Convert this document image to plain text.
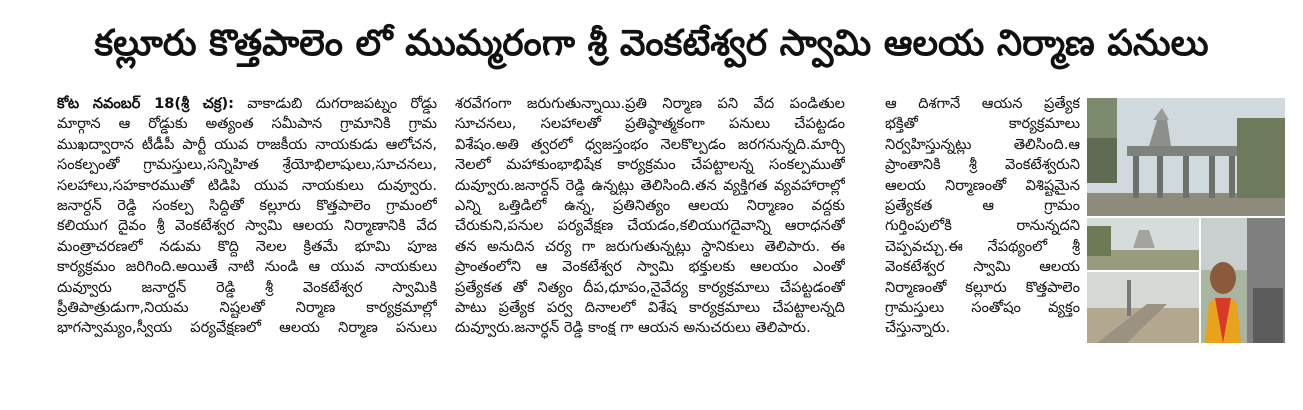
కల్లూరు కొత్తపాలెం లో ముమ్మరంగా శ్రీ వెంకటేశ్వర స్వామి ఆలయ నిర్మాణ పనులు
కోట నవంబర్ 18(శ్రీ చక్ర): వాకాడుబి దుగరాజపట్నం రోడ్డు
మార్గాన ఆ రోడ్డుకు అత్యంత సమీపాన గ్రామానికి గ్రామ
ముఖద్వారాన టీడీపీ పార్టీ యువ రాజకీయ నాయకుడు ఆలోచన,
సంకల్పంతో గ్రామస్తులు,సన్నిహిత శ్రేయోభిలాషులు,సూచనలు,
సలహాలు,సహకారముతో టిడిపి యువ నాయకులు దువ్వూరు.
జనార్ధన్ రెడ్డి సంకల్ప సిద్ధితో కల్లూరు కొత్తపాలెం గ్రామంలో
కలియుగ దైవం శ్రీ వెంకటేశ్వర స్వామి ఆలయ నిర్మాణానికి వేద
మంత్రాచరణలో నడుమ కొద్ది నెలల క్రితమే భూమి పూజ
కార్యక్రమం జరిగింది.అయితే నాటి నుండి ఆ యువ నాయకులు
దువ్వూరు జనార్ధన్ రెడ్డి శ్రీ వెంకటేశ్వర స్వామికి
ప్రీతిపాత్రుడుగా,నియమ నిష్టలతో నిర్మాణ కార్యక్రమాల్లో
భాగస్వామ్యం,స్వీయ పర్యవేక్షణలో ఆలయ నిర్మాణ పనులు
శరవేగంగా జరుగుతున్నాయి.ప్రతి నిర్మాణ పని వేద పండితుల
సూచనలు, సలహాలతో ప్రతిష్ఠాత్మకంగా పనులు చేపట్టడం
విశేషం.అతి త్వరలో ధ్వజస్తంభం నెలకొల్పడం జరగనున్నది.మార్చి
నెలలో మహాకుంభాభిషేక కార్యక్రమం చేపట్టాలన్న సంకల్పముతో
దువ్వూరు.జనార్ధన్ రెడ్డి ఉన్నట్లు తెలిసింది.తన వ్యక్తిగత వ్యవహారాల్లో
ఎన్ని ఒత్తిడిలో ఉన్న, ప్రతినిత్యం ఆలయ నిర్మాణం వద్దకు
చేరుకుని,పనుల పర్యవేక్షణ చేయడం,కలియుగదైవాన్ని ఆరాధనతో
తన అనుదిన చర్య గా జరుగుతున్నట్లు స్థానికులు తెలిపారు. ఈ
ప్రాంతంలోని ఆ వెంకటేశ్వర స్వామి భక్తులకు ఆలయం ఎంతో
ప్రత్యేకత తో నిత్యం దీప,ధూపం,నైవేద్య కార్యక్రమాలు చేపట్టడంతో
పాటు ప్రత్యేక పర్వ దినాలలో విశేష కార్యక్రమాలు చేపట్టాలన్నది
దువ్వూరు.జనార్ధన్ రెడ్డి కాంక్ష గా ఆయన అనుచరులు తెలిపారు.
ఆ దిశగానే ఆయన ప్రత్యేక
భక్తితో కార్యక్రమాలు
నిర్వహిస్తున్నట్లు తెలిసింది.ఆ
ప్రాంతానికి శ్రీ వెంకటేశ్వరుని
ఆలయ నిర్మాణంతో విశిష్టమైన
ప్రత్యేకత ఆ గ్రామం
గుర్తింపులోకి రానున్నదని
చెప్పవచ్చు.ఈ నేపథ్యంలో శ్రీ
వెంకటేశ్వర స్వామి ఆలయ
నిర్మాణంతో కల్లూరు కొత్తపాలెం
గ్రామస్తులు సంతోషం వ్యక్తం
చేస్తున్నారు.
